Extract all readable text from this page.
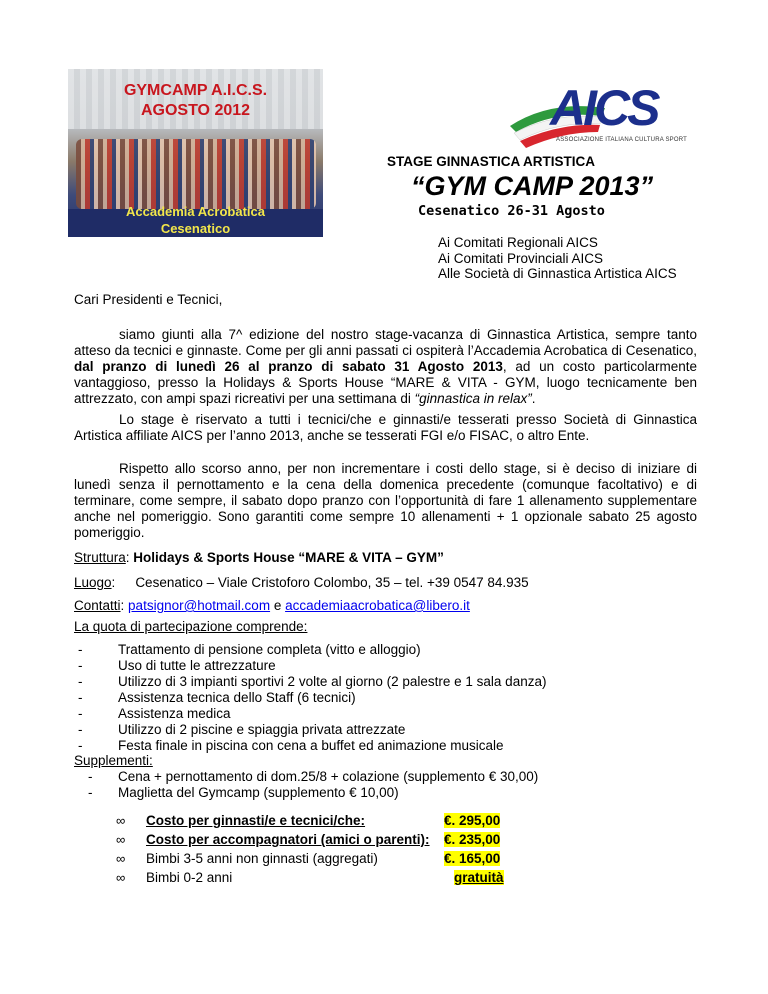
GYMCAMP A.I.C.S.
AGOSTO 2012
Accademia Acrobatica
Cesenatico
AICS
ASSOCIAZIONE ITALIANA CULTURA SPORT
STAGE GINNASTICA ARTISTICA
“GYM CAMP 2013”
Cesenatico 26-31 Agosto
Ai Comitati Regionali AICS
Ai Comitati Provinciali AICS
Alle Società di Ginnastica Artistica AICS
Cari Presidenti e Tecnici,
siamo giunti alla 7^ edizione del nostro stage-vacanza di Ginnastica Artistica, sempre tanto atteso da tecnici e ginnaste. Come per gli anni passati ci ospiterà l’Accademia Acrobatica di Cesenatico, dal pranzo di lunedì 26 al pranzo di sabato 31 Agosto 2013, ad un costo particolarmente vantaggioso, presso la Holidays & Sports House “MARE & VITA - GYM, luogo tecnicamente ben attrezzato, con ampi spazi ricreativi per una settimana di “ginnastica in relax”.
Lo stage è riservato a tutti i tecnici/che e ginnasti/e tesserati presso Società di Ginnastica Artistica affiliate AICS per l’anno 2013, anche se tesserati FGI e/o FISAC, o altro Ente.
Rispetto allo scorso anno, per non incrementare i costi dello stage, si è deciso di iniziare di lunedì senza il pernottamento e la cena della domenica precedente (comunque facoltativo) e di terminare, come sempre, il sabato dopo pranzo con l’opportunità di fare 1 allenamento supplementare anche nel pomeriggio. Sono garantiti come sempre 10 allenamenti + 1 opzionale sabato 25 agosto pomeriggio.
Struttura: Holidays & Sports House “MARE & VITA – GYM”
Luogo: Cesenatico – Viale Cristoforo Colombo, 35 – tel. +39 0547 84.935
Contatti: patsignor@hotmail.com e accademiaacrobatica@libero.it
La quota di partecipazione comprende:
-	Trattamento di pensione completa (vitto e alloggio)
-	Uso di tutte le attrezzature
-	Utilizzo di 3 impianti sportivi 2 volte al giorno (2 palestre e 1 sala danza)
-	Assistenza tecnica dello Staff (6 tecnici)
-	Assistenza medica
-	Utilizzo di 2 piscine e spiaggia privata attrezzate
-	Festa finale in piscina con cena a buffet ed animazione musicale
Supplementi:
- Cena + pernottamento di dom.25/8 + colazione (supplemento € 30,00)
- Maglietta del Gymcamp (supplemento € 10,00)
∞ Costo per ginnasti/e e tecnici/che:	€. 295,00
∞ Costo per accompagnatori (amici o parenti): €. 235,00
∞ Bimbi 3-5 anni non ginnasti (aggregati)	€. 165,00
∞ Bimbi 0-2 anni	gratuità
